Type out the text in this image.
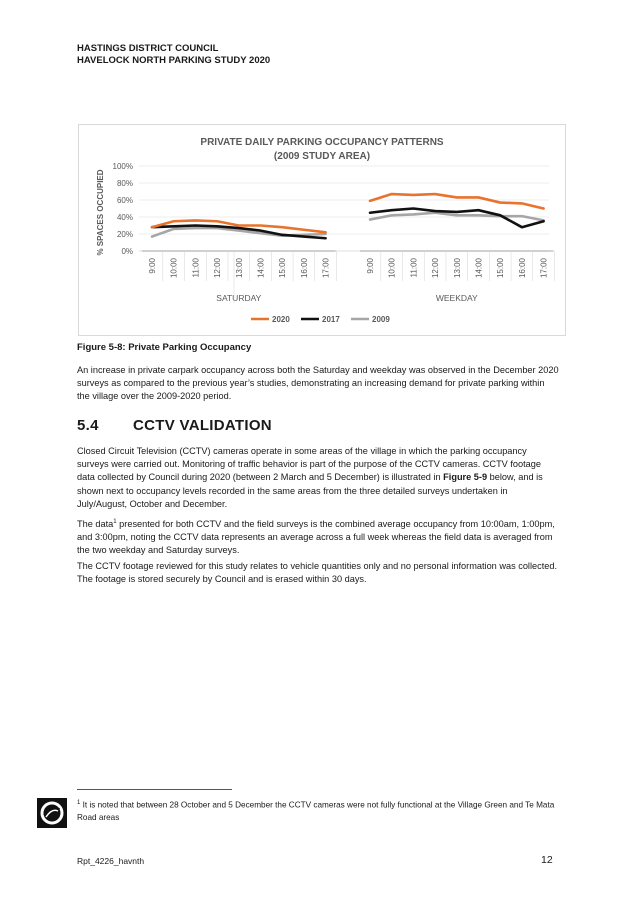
HASTINGS DISTRICT COUNCIL
HAVELOCK NORTH PARKING STUDY 2020
PRIVATE DAILY PARKING OCCUPANCY PATTERNS
(2009 STUDY AREA)
% SPACES OCCUPIED
100%
80%
60%
40%
20%
0%
9:00 10:00 11:00 12:00 13:00 14:00 15:00 16:00 17:00
SATURDAY
9:00 10:00 11:00 12:00 13:00 14:00 15:00 16:00 17:00
WEEKDAY
2020	2017	2009
Figure 5-8: Private Parking Occupancy
An increase in private carpark occupancy across both the Saturday and weekday was observed in the December 2020 surveys as compared to the previous year’s studies, demonstrating an increasing demand for private parking within the village over the 2009-2020 period.
5.4 CCTV VALIDATION
Closed Circuit Television (CCTV) cameras operate in some areas of the village in which the parking occupancy surveys were carried out. Monitoring of traffic behavior is part of the purpose of the CCTV cameras. CCTV footage data collected by Council during 2020 (between 2 March and 5 December) is illustrated in Figure 5-9 below, and is shown next to occupancy levels recorded in the same areas from the three detailed surveys undertaken in July/August, October and December.
The data$^1$ presented for both CCTV and the field surveys is the combined average occupancy from 10:00am, 1:00pm, and 3:00pm, noting the CCTV data represents an average across a full week whereas the field data is averaged from the two weekday and Saturday surveys.
The CCTV footage reviewed for this study relates to vehicle quantities only and no personal information was collected. The footage is stored securely by Council and is erased within 30 days.
$^1$ It is noted that between 28 October and 5 December the CCTV cameras were not fully functional at the Village Green and Te Mata Road areas
Rpt_4226_havnth	12
